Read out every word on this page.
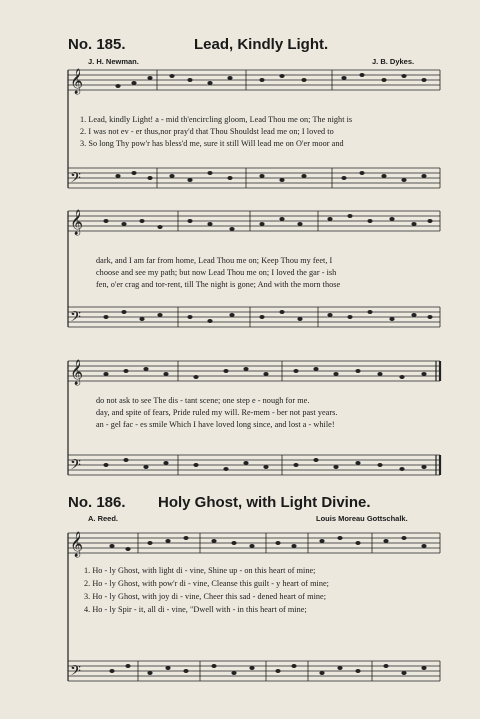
No. 185.	Lead, Kindly Light.
J. H. Newman.	J. B. Dykes.
𝄞
𝄢
1. Lead, kindly Light! a - mid th'encircling gloom, Lead Thou me on; The night is
2. I was not ev - er thus,nor pray'd that Thou Shouldst lead me on; I loved to
3. So long Thy pow'r has bless'd me, sure it still Will lead me on O'er moor and
𝄞
𝄢
dark, and I am far from home, Lead Thou me on; Keep Thou my feet, I
choose and see my path; but now Lead Thou me on; I loved the gar - ish
fen, o'er crag and tor-rent, till The night is gone; And with the morn those
𝄞
𝄢
do not ask to see The dis - tant scene; one step e - nough for me.
day, and spite of fears, Pride ruled my will. Re-mem - ber not past years.
an - gel fac - es smile Which I have loved long since, and lost a - while!
No. 186. Holy Ghost, with Light Divine.
A. Reed.	Louis Moreau Gottschalk.
𝄞
𝄢
1. Ho - ly Ghost, with light di - vine, Shine up - on this heart of mine;
2. Ho - ly Ghost, with pow'r di - vine, Cleanse this guilt - y heart of mine;
3. Ho - ly Ghost, with joy di - vine, Cheer this sad - dened heart of mine;
4. Ho - ly Spir - it, all di - vine, "Dwell with - in this heart of mine;
